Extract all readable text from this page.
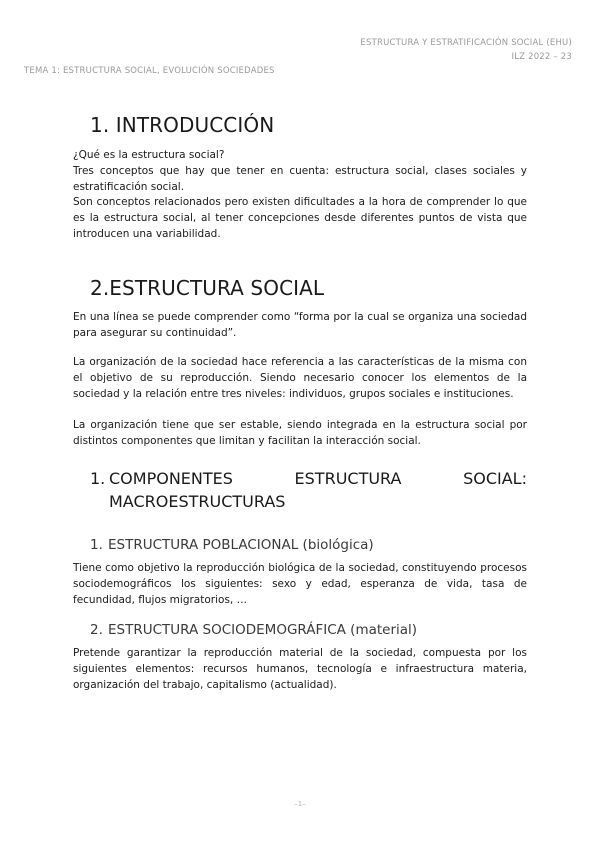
ESTRUCTURA Y ESTRATIFICACIÓN SOCIAL (EHU)
ILZ 2022 – 23
TEMA 1: ESTRUCTURA SOCIAL, EVOLUCIÓN SOCIEDADES
1. INTRODUCCIÓN
¿Qué es la estructura social?
Tres conceptos que hay que tener en cuenta: estructura social, clases sociales y estratificación social.
Son conceptos relacionados pero existen dificultades a la hora de comprender lo que es la estructura social, al tener concepciones desde diferentes puntos de vista que introducen una variabilidad.
2.ESTRUCTURA SOCIAL
En una línea se puede comprender como “forma por la cual se organiza una sociedad para asegurar su continuidad”.
La organización de la sociedad hace referencia a las características de la misma con el objetivo de su reproducción. Siendo necesario conocer los elementos de la sociedad y la relación entre tres niveles: individuos, grupos sociales e instituciones.
La organización tiene que ser estable, siendo integrada en la estructura social por distintos componentes que limitan y facilitan la interacción social.
1. COMPONENTES	ESTRUCTURA	SOCIAL:
MACROESTRUCTURAS
1. ESTRUCTURA POBLACIONAL (biológica)
Tiene como objetivo la reproducción biológica de la sociedad, constituyendo procesos sociodemográficos los siguientes: sexo y edad, esperanza de vida, tasa de fecundidad, flujos migratorios, …
2. ESTRUCTURA SOCIODEMOGRÁFICA (material)
Pretende garantizar la reproducción material de la sociedad, compuesta por los siguientes elementos: recursos humanos, tecnología e infraestructura materia, organización del trabajo, capitalismo (actualidad).
–1–
